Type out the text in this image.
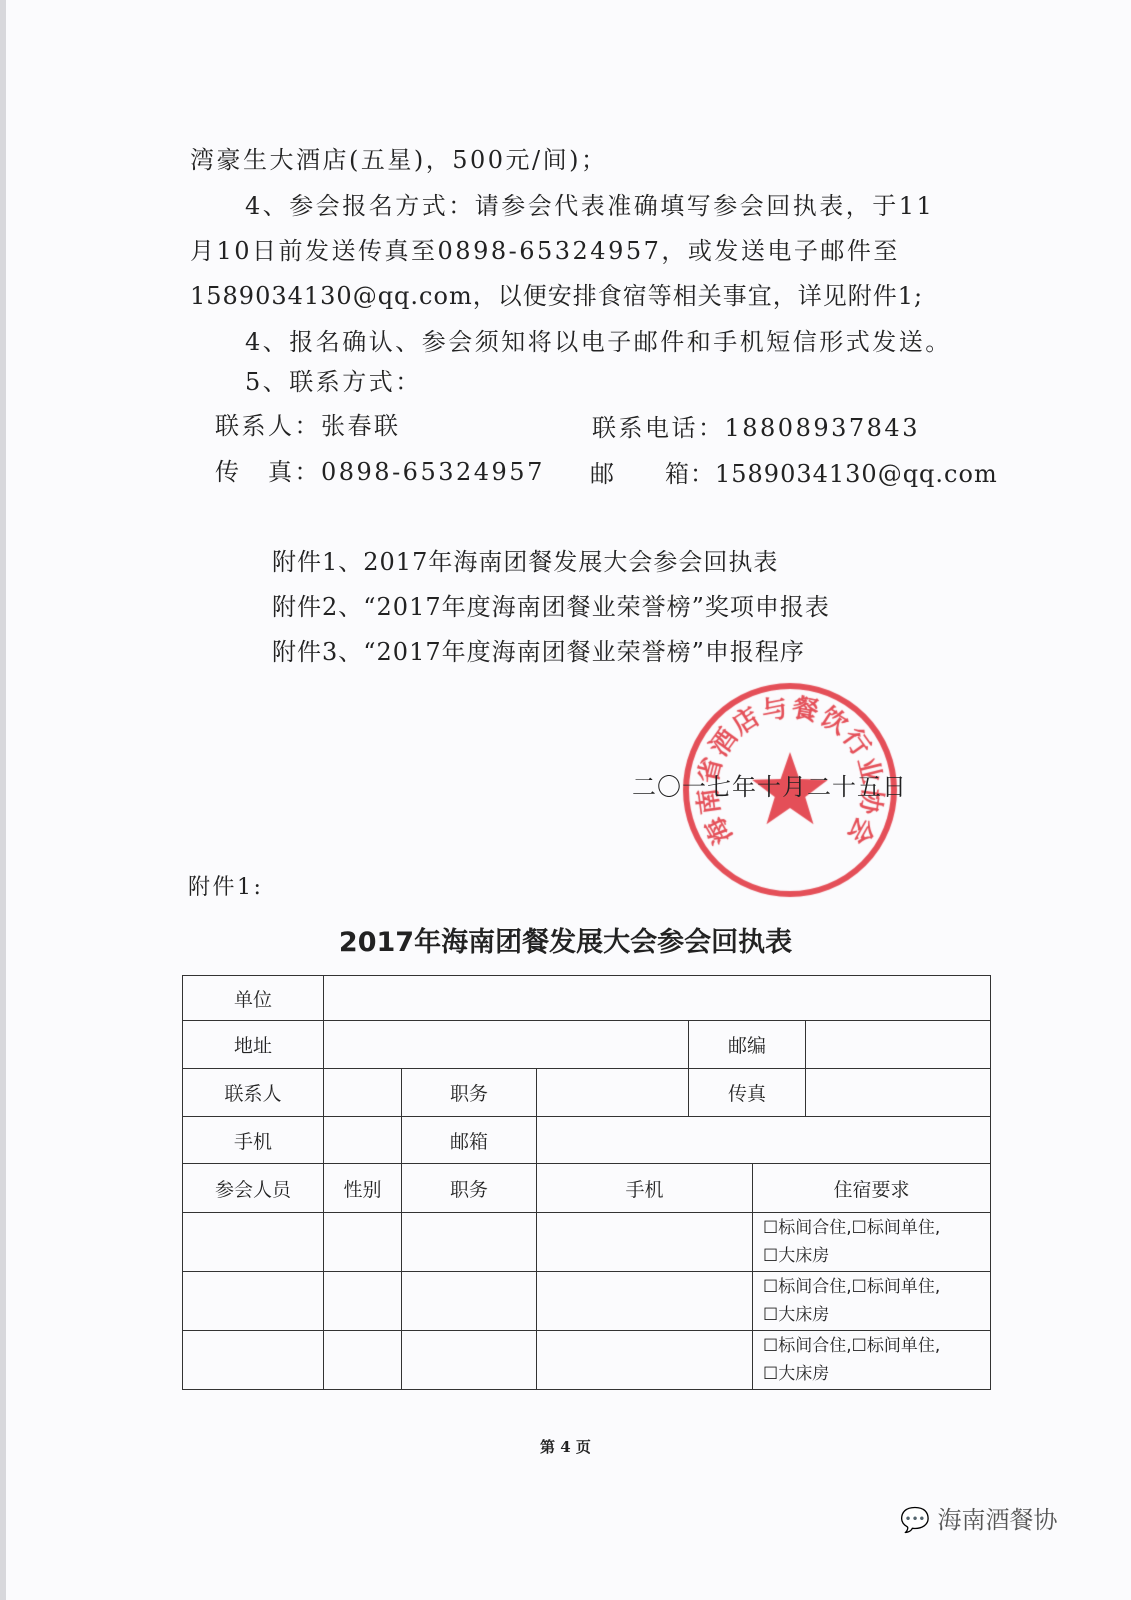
湾豪生大酒店(五星)，500元/间)；
4、参会报名方式：请参会代表准确填写参会回执表，于11
月10日前发送传真至0898-65324957，或发送电子邮件至
1589034130@qq.com，以便安排食宿等相关事宜，详见附件1;
4、报名确认、参会须知将以电子邮件和手机短信形式发送。
5、联系方式：
联系人：张春联	联系电话：18808937843
传　真：0898-65324957 邮　　箱：1589034130@qq.com
附件1、2017年海南团餐发展大会参会回执表
附件2、“2017年度海南团餐业荣誉榜”奖项申报表
附件3、“2017年度海南团餐业荣誉榜”申报程序
二〇一七年十月二十五日
附件1:
2017年海南团餐发展大会参会回执表
单位						
地址				邮编		
联系人		职务		传真		
手机		邮箱				
参会人员	性别	职务	手机		住宿要求	

					☐标间合住,☐标间单住,
☐大床房	

					☐标间合住,☐标间单住,
☐大床房	

					☐标间合住,☐标间单住,
☐大床房	
第 4 页
💬 海南酒餐协
